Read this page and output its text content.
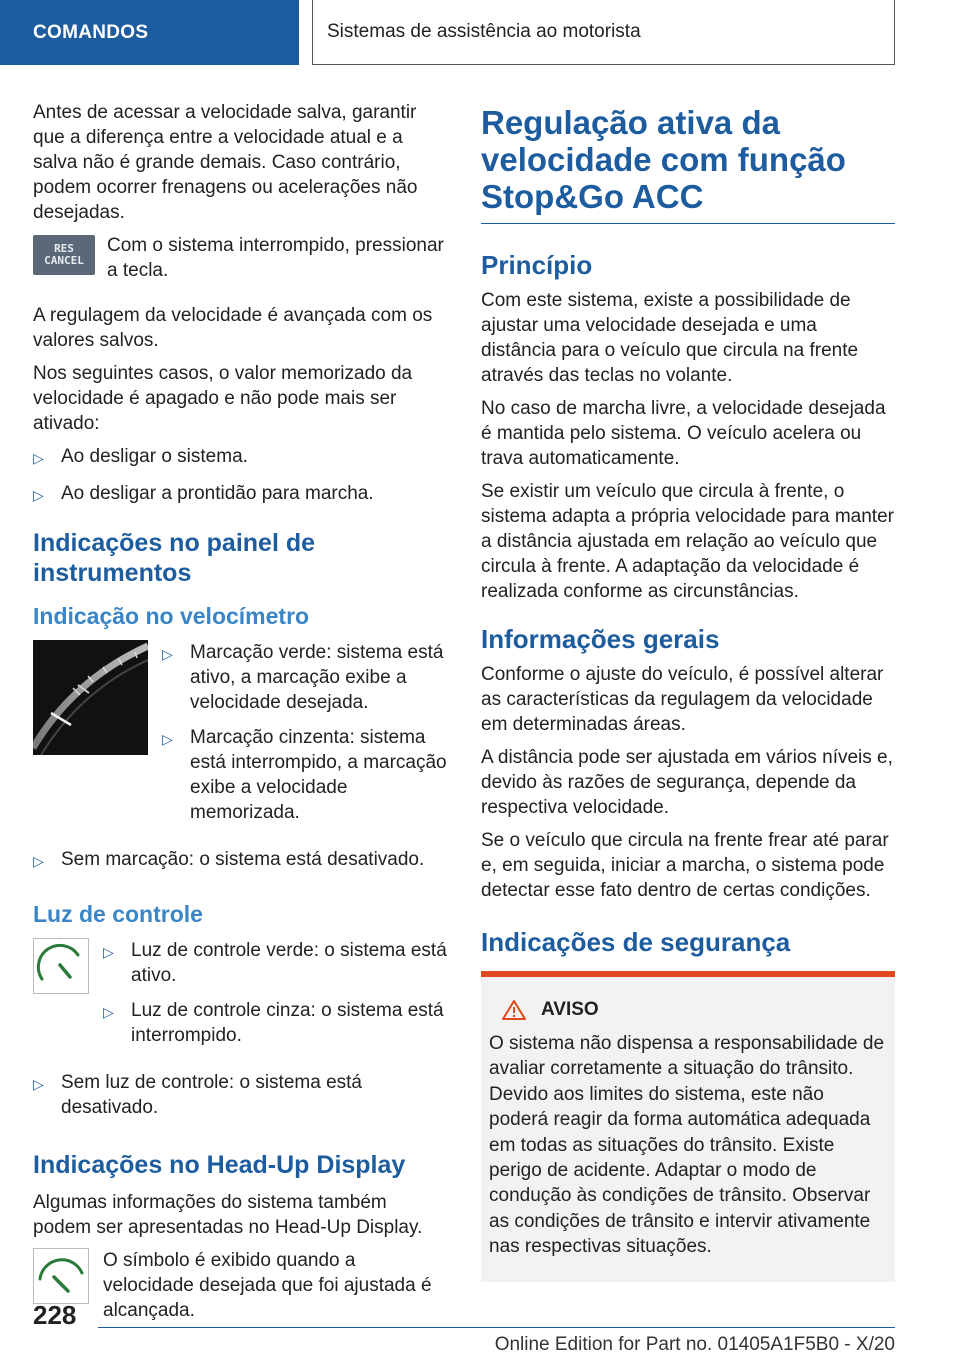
COMANDOS	Sistemas de assistência ao motorista

Antes de acessar a velocidade salva, garantir que a diferença entre a velocidade atual e a salva não é grande demais. Caso contrário, podem ocorrer frenagens ou acelerações não desejadas.

RES
CANCEL

Com o sistema interrompido, pressionar a tecla.

A regulagem da velocidade é avançada com os valores salvos.

Nos seguintes casos, o valor memorizado da velocidade é apagado e não pode mais ser ativado:

▷ Ao desligar o sistema.
▷ Ao desligar a prontidão para marcha.
Indicações no painel de instrumentos
Indicação no velocímetro
▷ Marcação verde: sistema está ativo, a marcação exibe a velocidade desejada.
▷ Marcação cinzenta: sistema está interrompido, a marcação exibe a velocidade memorizada.
▷ Sem marcação: o sistema está desativado.
Luz de controle
▷ Luz de controle verde: o sistema está ativo.
▷ Luz de controle cinza: o sistema está interrompido.
▷ Sem luz de controle: o sistema está desativado.
Indicações no Head-Up Display

Algumas informações do sistema também podem ser apresentadas no Head-Up Display.

O símbolo é exibido quando a velocidade desejada que foi ajustada é alcançada.

Regulação ativa da velocidade com função Stop&Go ACC
Princípio

Com este sistema, existe a possibilidade de ajustar uma velocidade desejada e uma distância para o veículo que circula na frente através das teclas no volante.

No caso de marcha livre, a velocidade desejada é mantida pelo sistema. O veículo acelera ou trava automaticamente.

Se existir um veículo que circula à frente, o sistema adapta a própria velocidade para manter a distância ajustada em relação ao veículo que circula à frente. A adaptação da velocidade é realizada conforme as circunstâncias.

Informações gerais

Conforme o ajuste do veículo, é possível alterar as características da regulagem da velocidade em determinadas áreas.

A distância pode ser ajustada em vários níveis e, devido às razões de segurança, depende da respectiva velocidade.

Se o veículo que circula na frente frear até parar e, em seguida, iniciar a marcha, o sistema pode detectar esse fato dentro de certas condições.

Indicações de segurança
AVISO

O sistema não dispensa a responsabilidade de avaliar corretamente a situação do trânsito. Devido aos limites do sistema, este não poderá reagir da forma automática adequada em todas as situações do trânsito. Existe perigo de acidente. Adaptar o modo de condução às condições de trânsito. Observar as condições de trânsito e intervir ativamente nas respectivas situações.

228
Online Edition for Part no. 01405A1F5B0 - X/20
